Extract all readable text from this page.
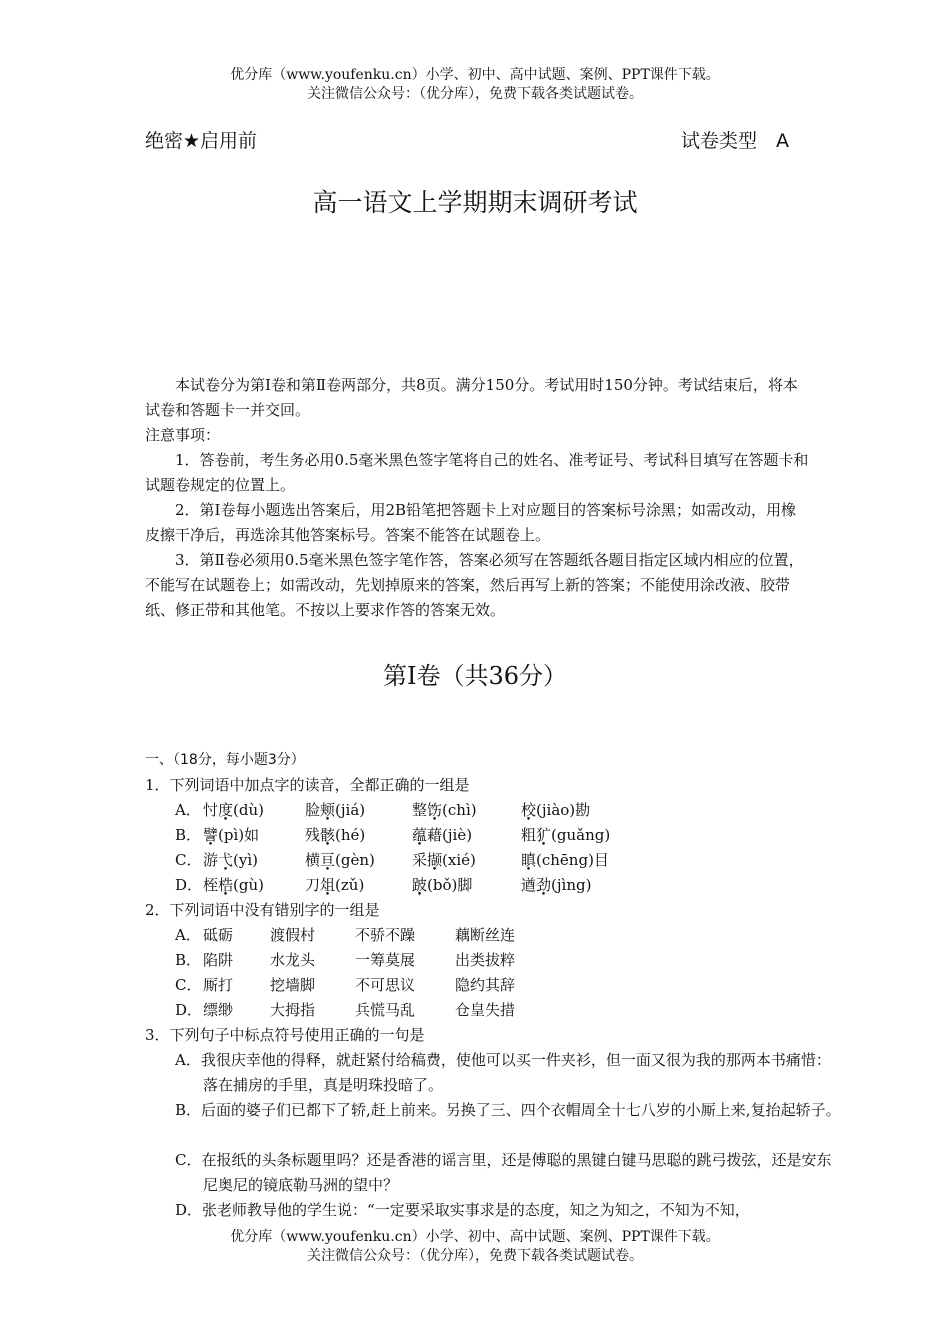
优分库（www.youfenku.cn）小学、初中、高中试题、案例、PPT课件下载。
关注微信公众号：（优分库），免费下载各类试题试卷。
绝密★启用前	试卷类型　A
高一语文上学期期末调研考试
本试卷分为第Ⅰ卷和第Ⅱ卷两部分，共8页。满分150分。考试用时150分钟。考试结束后，将本试卷和答题卡一并交回。
注意事项：
1．答卷前，考生务必用0.5毫米黑色签字笔将自己的姓名、准考证号、考试科目填写在答题卡和试题卷规定的位置上。
2．第Ⅰ卷每小题选出答案后，用2B铅笔把答题卡上对应题目的答案标号涂黑；如需改动，用橡皮擦干净后，再选涂其他答案标号。答案不能答在试题卷上。
3．第Ⅱ卷必须用0.5毫米黑色签字笔作答，答案必须写在答题纸各题目指定区域内相应的位置，不能写在试题卷上；如需改动，先划掉原来的答案，然后再写上新的答案；不能使用涂改液、胶带纸、修正带和其他笔。不按以上要求作答的答案无效。
第Ⅰ卷（共36分）
一、（18分，每小题3分）
1．下列词语中加点字的读音，全都正确的一组是
A． 忖度(dù)	脸颊(jiá)	整饬(chì)	校(jiào)勘
B． 譬(pì)如	残骸(hé)	蕴藉(jiè)	粗犷(guǎng)
C． 游弋(yì)	横亘(gèn) 采撷(xié)	瞋(chēng)目
D． 桎梏(gù)	刀俎(zǔ)	跛(bǒ)脚	遒劲(jìng)
2．下列词语中没有错别字的一组是
A． 砥砺 渡假村	不骄不躁	藕断丝连
B． 陷阱 水龙头	一筹莫展	出类拔粹
C． 厮打 挖墙脚	不可思议	隐约其辞
D． 缥缈 大拇指	兵慌马乱	仓皇失措
3．下列句子中标点符号使用正确的一句是
A．我很庆幸他的得释，就赶紧付给稿费，使他可以买一件夹衫，但一面又很为我的那两本书痛惜：落在捕房的手里，真是明珠投暗了。
B．后面的婆子们已都下了轿,赶上前来。另换了三、四个衣帽周全十七八岁的小厮上来,复抬起轿子。
C．在报纸的头条标题里吗？还是香港的谣言里，还是傅聪的黑键白键马思聪的跳弓拨弦，还是安东尼奥尼的镜底勒马洲的望中？
D．张老师教导他的学生说：“一定要采取实事求是的态度，知之为知之，不知为不知，
优分库（www.youfenku.cn）小学、初中、高中试题、案例、PPT课件下载。
关注微信公众号：（优分库），免费下载各类试题试卷。
